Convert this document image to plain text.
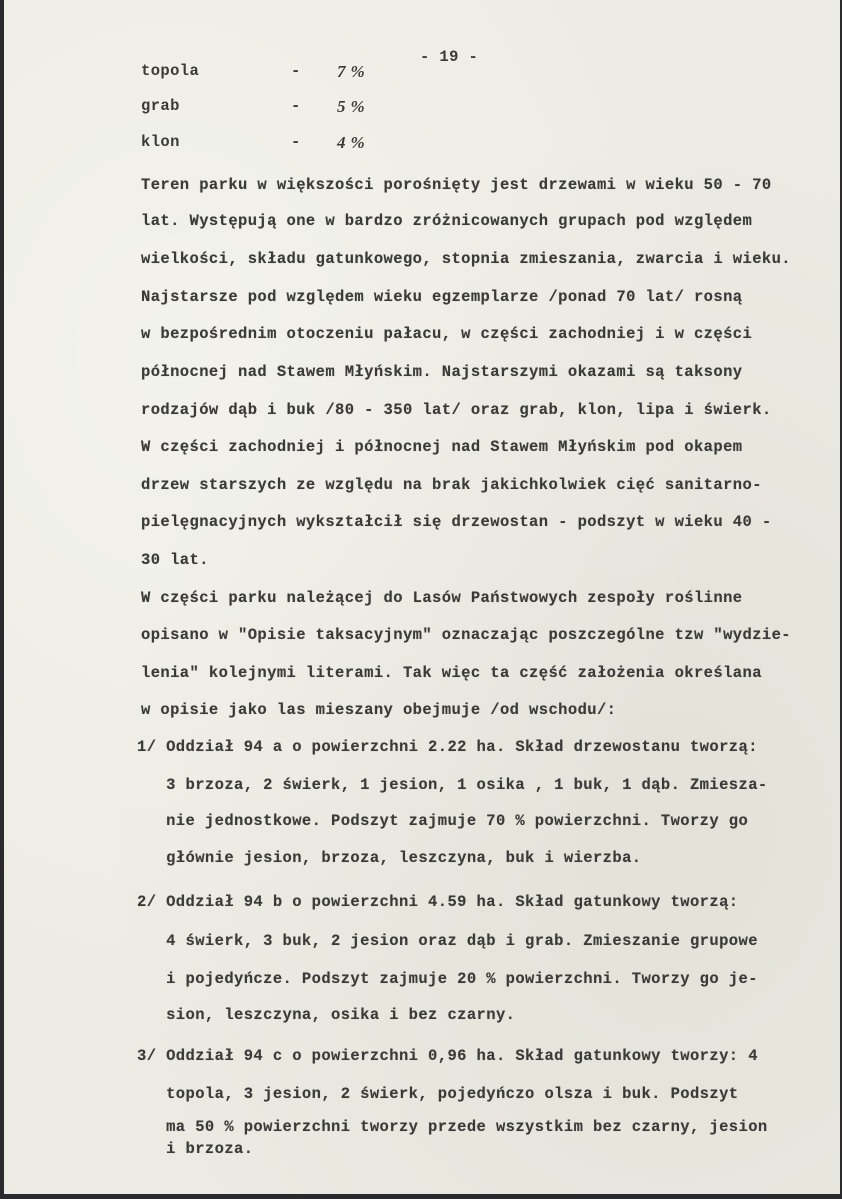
- 19 -
topola	- 7 %
grab	- 5 %
klon	- 4 %
Teren parku w większości porośnięty jest drzewami w wieku 50 - 70
lat. Występują one w bardzo zróżnicowanych grupach pod względem
wielkości, składu gatunkowego, stopnia zmieszania, zwarcia i wieku.
Najstarsze pod względem wieku egzemplarze /ponad 70 lat/ rosną
w bezpośrednim otoczeniu pałacu, w części zachodniej i w części
północnej nad Stawem Młyńskim. Najstarszymi okazami są taksony
rodzajów dąb i buk /80 - 350 lat/ oraz grab, klon, lipa i świerk.
W części zachodniej i północnej nad Stawem Młyńskim pod okapem
drzew starszych ze względu na brak jakichkolwiek cięć sanitarno-
pielęgnacyjnych wykształcił się drzewostan - podszyt w wieku 40 -
30 lat.
W części parku należącej do Lasów Państwowych zespoły roślinne
opisano w "Opisie taksacyjnym" oznaczając poszczególne tzw "wydzie-
lenia" kolejnymi literami. Tak więc ta część założenia określana
w opisie jako las mieszany obejmuje /od wschodu/:
1/ Oddział 94 a o powierzchni 2.22 ha. Skład drzewostanu tworzą:
3 brzoza, 2 świerk, 1 jesion, 1 osika , 1 buk, 1 dąb. Zmiesza-
nie jednostkowe. Podszyt zajmuje 70 % powierzchni. Tworzy go
głównie jesion, brzoza, leszczyna, buk i wierzba.
2/ Oddział 94 b o powierzchni 4.59 ha. Skład gatunkowy tworzą:
4 świerk, 3 buk, 2 jesion oraz dąb i grab. Zmieszanie grupowe
i pojedyńcze. Podszyt zajmuje 20 % powierzchni. Tworzy go je-
sion, leszczyna, osika i bez czarny.
3/ Oddział 94 c o powierzchni 0,96 ha. Skład gatunkowy tworzy: 4
topola, 3 jesion, 2 świerk, pojedyńczo olsza i buk. Podszyt
ma 50 % powierzchni tworzy przede wszystkim bez czarny, jesion
i brzoza.
